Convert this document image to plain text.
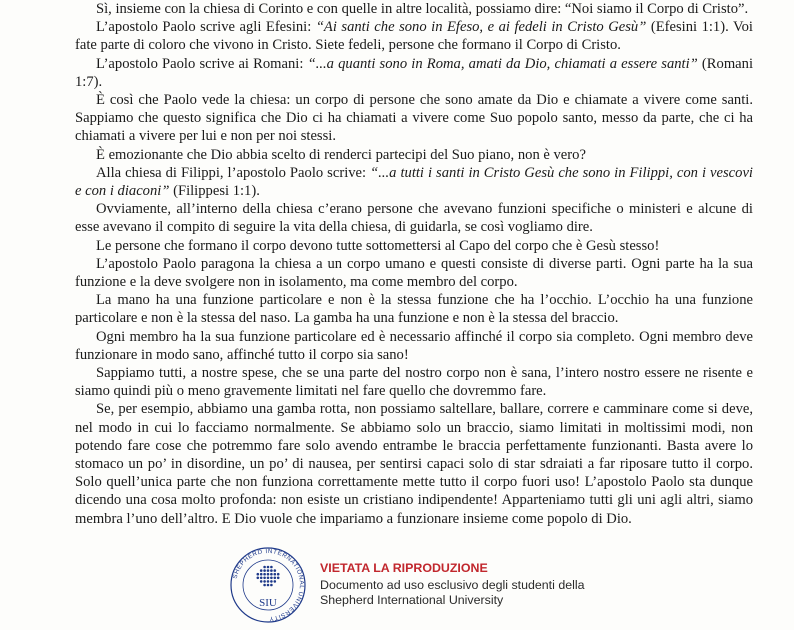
Sì, insieme con la chiesa di Corinto e con quelle in altre località, possiamo dire: “Noi siamo il Corpo di Cristo”.

L’apostolo Paolo scrive agli Efesini: “Ai santi che sono in Efeso, e ai fedeli in Cristo Gesù” (Efesini 1:1). Voi fate parte di coloro che vivono in Cristo. Siete fedeli, persone che formano il Corpo di Cristo.

L’apostolo Paolo scrive ai Romani: “...a quanti sono in Roma, amati da Dio, chiamati a essere santi” (Romani 1:7).

È così che Paolo vede la chiesa: un corpo di persone che sono amate da Dio e chiamate a vivere come santi. Sappiamo che questo significa che Dio ci ha chiamati a vivere come Suo popolo santo, messo da parte, che ci ha chiamati a vivere per lui e non per noi stessi.

È emozionante che Dio abbia scelto di renderci partecipi del Suo piano, non è vero?

Alla chiesa di Filippi, l’apostolo Paolo scrive: “...a tutti i santi in Cristo Gesù che sono in Filippi, con i vescovi e con i diaconi” (Filippesi 1:1).

Ovviamente, all’interno della chiesa c’erano persone che avevano funzioni specifiche o ministeri e alcune di esse avevano il compito di seguire la vita della chiesa, di guidarla, se così vogliamo dire.

Le persone che formano il corpo devono tutte sottomettersi al Capo del corpo che è Gesù stesso!

L’apostolo Paolo paragona la chiesa a un corpo umano e questi consiste di diverse parti. Ogni parte ha la sua funzione e la deve svolgere non in isolamento, ma come membro del corpo.

La mano ha una funzione particolare e non è la stessa funzione che ha l’occhio. L’occhio ha una funzione particolare e non è la stessa del naso. La gamba ha una funzione e non è la stessa del braccio.

Ogni membro ha la sua funzione particolare ed è necessario affinché il corpo sia completo. Ogni membro deve funzionare in modo sano, affinché tutto il corpo sia sano!

Sappiamo tutti, a nostre spese, che se una parte del nostro corpo non è sana, l’intero nostro essere ne risente e siamo quindi più o meno gravemente limitati nel fare quello che dovremmo fare.

Se, per esempio, abbiamo una gamba rotta, non possiamo saltellare, ballare, correre e camminare come si deve, nel modo in cui lo facciamo normalmente. Se abbiamo solo un braccio, siamo limitati in moltissimi modi, non potendo fare cose che potremmo fare solo avendo entrambe le braccia perfettamente funzionanti. Basta avere lo stomaco un po’ in disordine, un po’ di nausea, per sentirsi capaci solo di star sdraiati a far riposare tutto il corpo. Solo quell’unica parte che non funziona correttamente mette tutto il corpo fuori uso! L’apostolo Paolo sta dunque dicendo una cosa molto profonda: non esiste un cristiano indipendente! Apparteniamo tutti gli uni agli altri, siamo membra l’uno dell’altro. E Dio vuole che impariamo a funzionare insieme come popolo di Dio.

SHEPHERD INTERNATIONAL UNIVERSITY
SIU
VIETATA LA RIPRODUZIONE
Documento ad uso esclusivo degli studenti della
Shepherd International University
